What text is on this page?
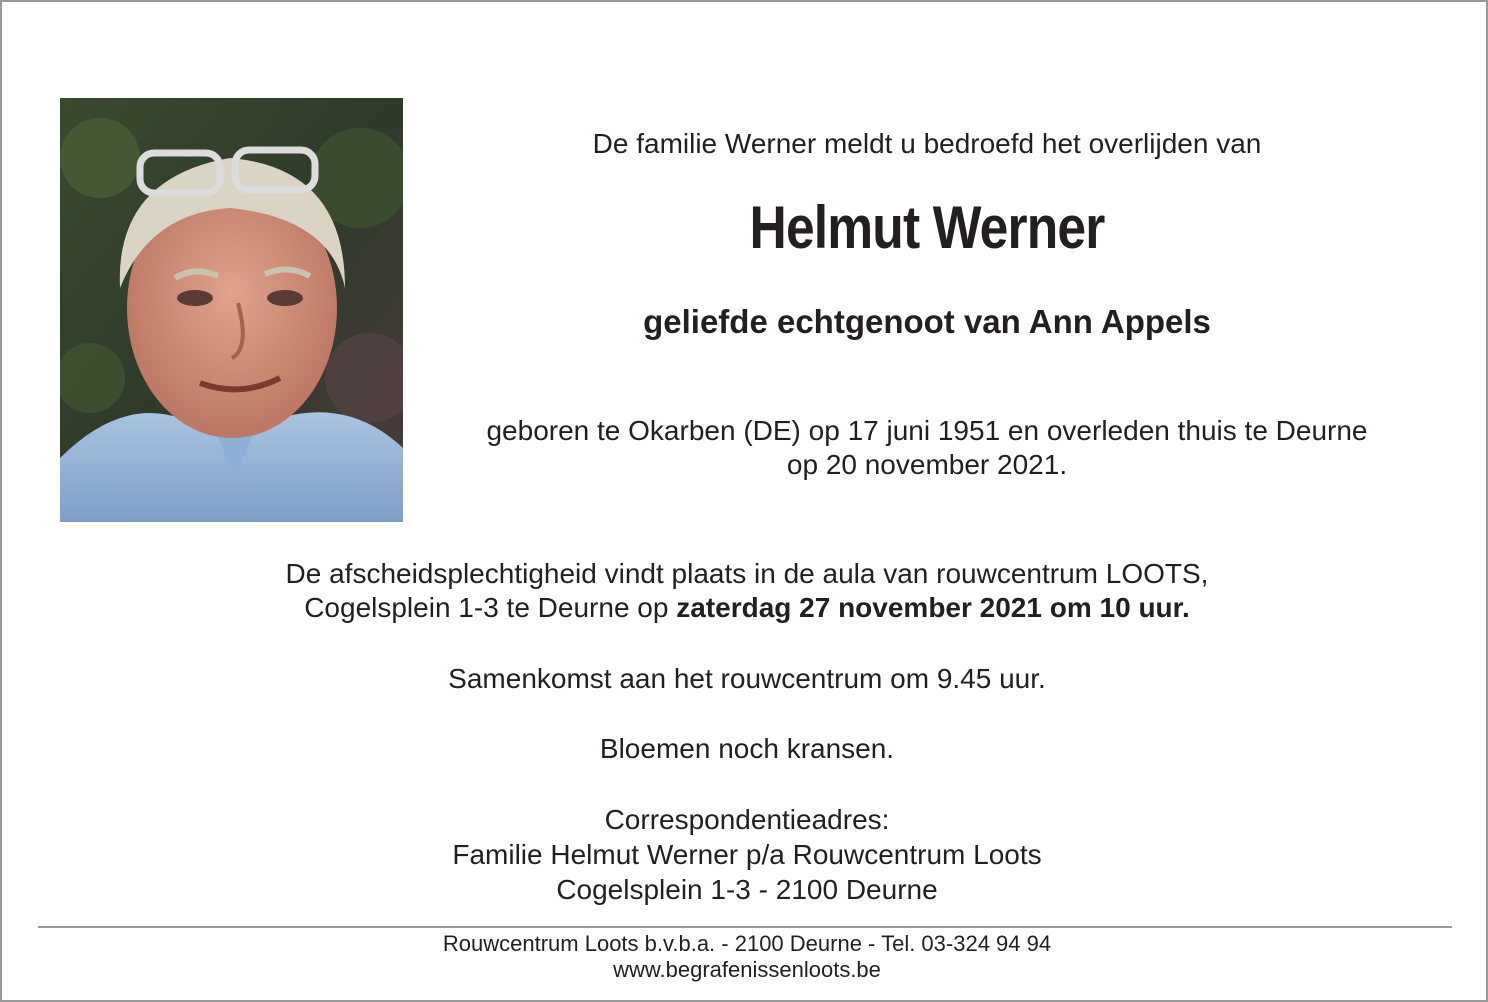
De familie Werner meldt u bedroefd het overlijden van
Helmut Werner
geliefde echtgenoot van Ann Appels
geboren te Okarben (DE) op 17 juni 1951 en overleden thuis te Deurne
op 20 november 2021.
De afscheidsplechtigheid vindt plaats in de aula van rouwcentrum LOOTS,
Cogelsplein 1-3 te Deurne op zaterdag 27 november 2021 om 10 uur.
Samenkomst aan het rouwcentrum om 9.45 uur.
Bloemen noch kransen.
Correspondentieadres:
Familie Helmut Werner p/a Rouwcentrum Loots
Cogelsplein 1-3 - 2100 Deurne
Rouwcentrum Loots b.v.b.a. - 2100 Deurne - Tel. 03-324 94 94
www.begrafenissenloots.be
